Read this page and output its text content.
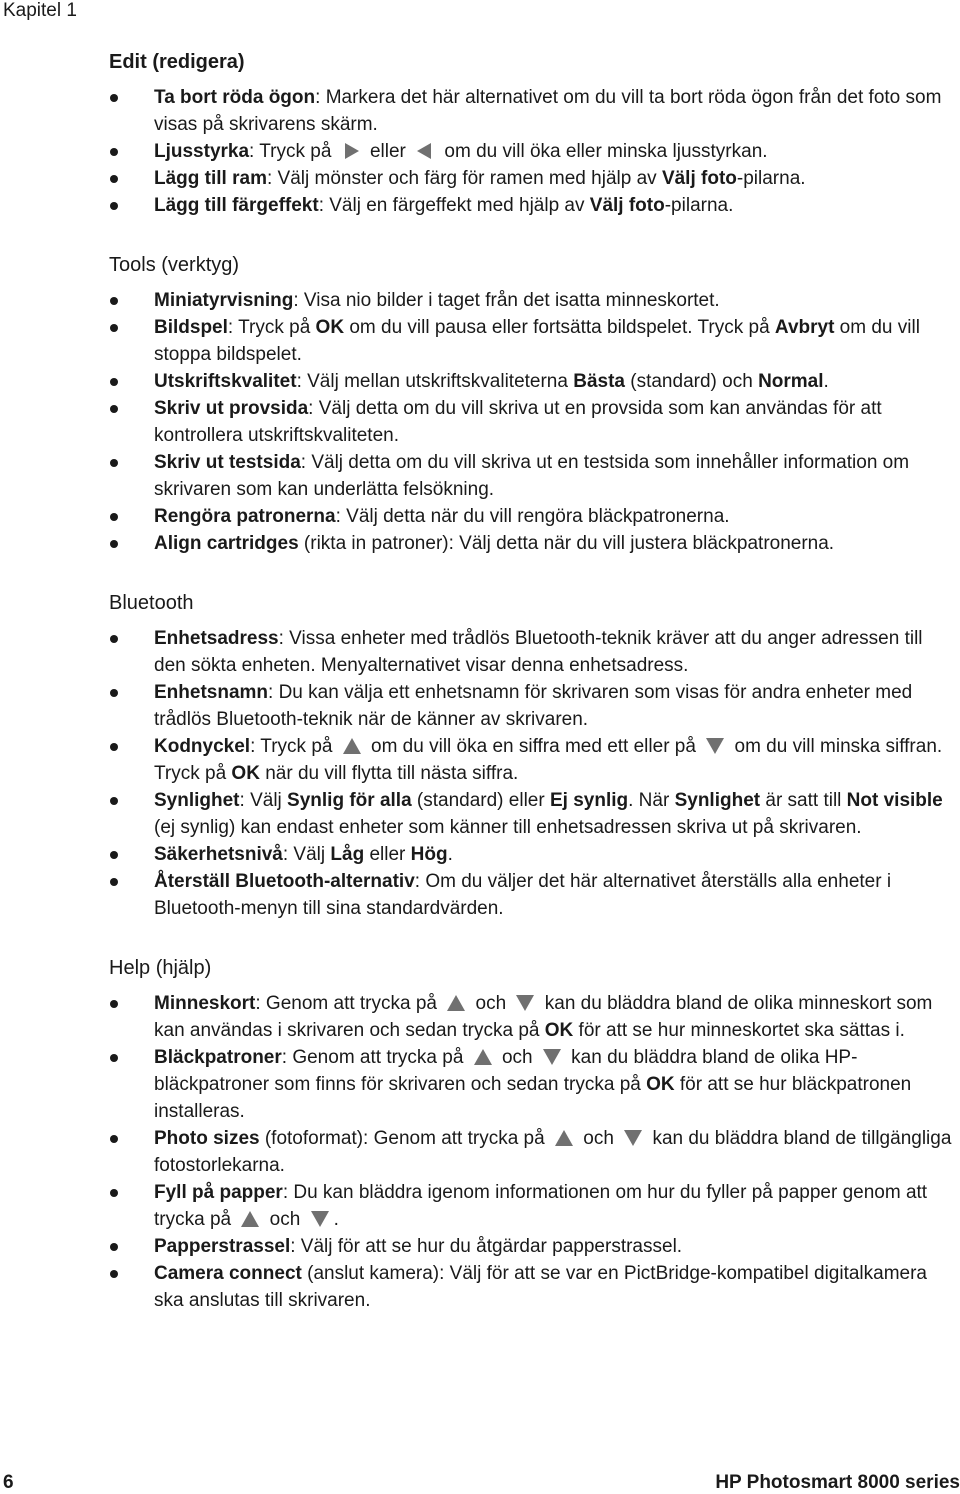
Kapitel 1
Edit (redigera)
Ta bort röda ögon: Markera det här alternativet om du vill ta bort röda ögon från det foto som visas på skrivarens skärm.
Ljusstyrka: Tryck på  eller  om du vill öka eller minska ljusstyrkan.
Lägg till ram: Välj mönster och färg för ramen med hjälp av Välj foto-pilarna.
Lägg till färgeffekt: Välj en färgeffekt med hjälp av Välj foto-pilarna.
Tools (verktyg)
Miniatyrvisning: Visa nio bilder i taget från det isatta minneskortet.
Bildspel: Tryck på OK om du vill pausa eller fortsätta bildspelet. Tryck på Avbryt om du vill stoppa bildspelet.
Utskriftskvalitet: Välj mellan utskriftskvaliteterna Bästa (standard) och Normal.
Skriv ut provsida: Välj detta om du vill skriva ut en provsida som kan användas för att kontrollera utskriftskvaliteten.
Skriv ut testsida: Välj detta om du vill skriva ut en testsida som innehåller information om skrivaren som kan underlätta felsökning.
Rengöra patronerna: Välj detta när du vill rengöra bläckpatronerna.
Align cartridges (rikta in patroner): Välj detta när du vill justera bläckpatronerna.
Bluetooth
Enhetsadress: Vissa enheter med trådlös Bluetooth-teknik kräver att du anger adressen till den sökta enheten. Menyalternativet visar denna enhetsadress.
Enhetsnamn: Du kan välja ett enhetsnamn för skrivaren som visas för andra enheter med trådlös Bluetooth-teknik när de känner av skrivaren.
Kodnyckel: Tryck på  om du vill öka en siffra med ett eller på  om du vill minska siffran. Tryck på OK när du vill flytta till nästa siffra.
Synlighet: Välj Synlig för alla (standard) eller Ej synlig. När Synlighet är satt till Not visible (ej synlig) kan endast enheter som känner till enhetsadressen skriva ut på skrivaren.
Säkerhetsnivå: Välj Låg eller Hög.
Återställ Bluetooth-alternativ: Om du väljer det här alternativet återställs alla enheter i Bluetooth-menyn till sina standardvärden.
Help (hjälp)
Minneskort: Genom att trycka på  och  kan du bläddra bland de olika minneskort som kan användas i skrivaren och sedan trycka på OK för att se hur minneskortet ska sättas i.
Bläckpatroner: Genom att trycka på  och  kan du bläddra bland de olika HP-bläckpatroner som finns för skrivaren och sedan trycka på OK för att se hur bläckpatronen installeras.
Photo sizes (fotoformat): Genom att trycka på  och  kan du bläddra bland de tillgängliga fotostorlekarna.
Fyll på papper: Du kan bläddra igenom informationen om hur du fyller på papper genom att trycka på  och .
Papperstrassel: Välj för att se hur du åtgärdar papperstrassel.
Camera connect (anslut kamera): Välj för att se var en PictBridge-kompatibel digitalkamera ska anslutas till skrivaren.
6	HP Photosmart 8000 series
